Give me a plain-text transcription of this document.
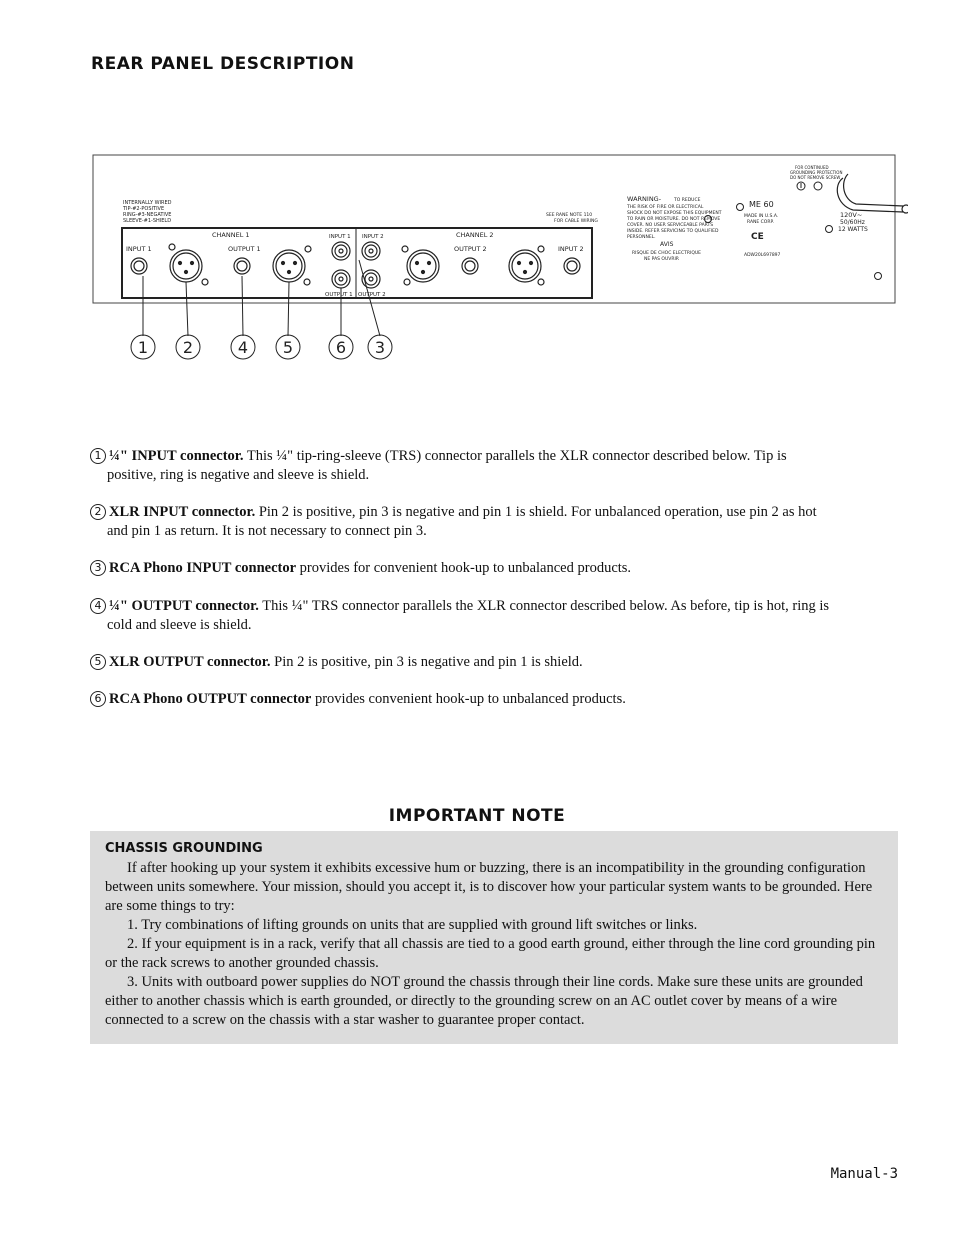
REAR PANEL DESCRIPTION
INTERNALLY WIRED
TIP-#2-POSITIVE
RING-#3-NEGATIVE
SLEEVE-#1-SHIELD
CHANNEL 1	CHANNEL 2
INPUT 1	OUTPUT 1	OUTPUT 2	INPUT 2
INPUT 1 INPUT 2
OUTPUT 1 OUTPUT 2
SEE RANE NOTE 110
FOR CABLE WIRING
WARNING-	TO REDUCE
THE RISK OF FIRE OR ELECTRICAL
SHOCK DO NOT EXPOSE THIS EQUIPMENT
TO RAIN OR MOISTURE. DO NOT REMOVE
COVER. NO USER SERVICEABLE PARTS
INSIDE. REFER SERVICING TO QUALIFIED
PERSONNEL.
AVIS
RISQUE DE CHOC ELECTRIQUE
NE PAS OUVRIR
ME 60
MADE IN U.S.A.
RANE CORP.
CE
ADW20L697897
FOR CONTINUED
GROUNDING PROTECTION
DO NOT REMOVE SCREW
120V~
50/60Hz
12 WATTS
1 2	4 5	6 3
1 ¼" INPUT connector. This ¼" tip-ring-sleeve (TRS) connector parallels the XLR connector described below. Tip is
positive, ring is negative and sleeve is shield.
2 XLR INPUT connector. Pin 2 is positive, pin 3 is negative and pin 1 is shield. For unbalanced operation, use pin 2 as hot
and pin 1 as return. It is not necessary to connect pin 3.
3 RCA Phono INPUT connector provides for convenient hook-up to unbalanced products.
4 ¼" OUTPUT connector. This ¼" TRS connector parallels the XLR connector described below. As before, tip is hot, ring is
cold and sleeve is shield.
5 XLR OUTPUT connector. Pin 2 is positive, pin 3 is negative and pin 1 is shield.
6 RCA Phono OUTPUT connector provides convenient hook-up to unbalanced products.
IMPORTANT NOTE
CHASSIS GROUNDING

If after hooking up your system it exhibits excessive hum or buzzing, there is an incompatibility in the grounding configuration between units somewhere. Your mission, should you accept it, is to discover how your particular system wants to be grounded. Here are some things to try:

1. Try combinations of lifting grounds on units that are supplied with ground lift switches or links.

2. If your equipment is in a rack, verify that all chassis are tied to a good earth ground, either through the line cord grounding pin or the rack screws to another grounded chassis.

3. Units with outboard power supplies do NOT ground the chassis through their line cords. Make sure these units are grounded either to another chassis which is earth grounded, or directly to the grounding screw on an AC outlet cover by means of a wire connected to a screw on the chassis with a star washer to guarantee proper contact.

Manual-3
